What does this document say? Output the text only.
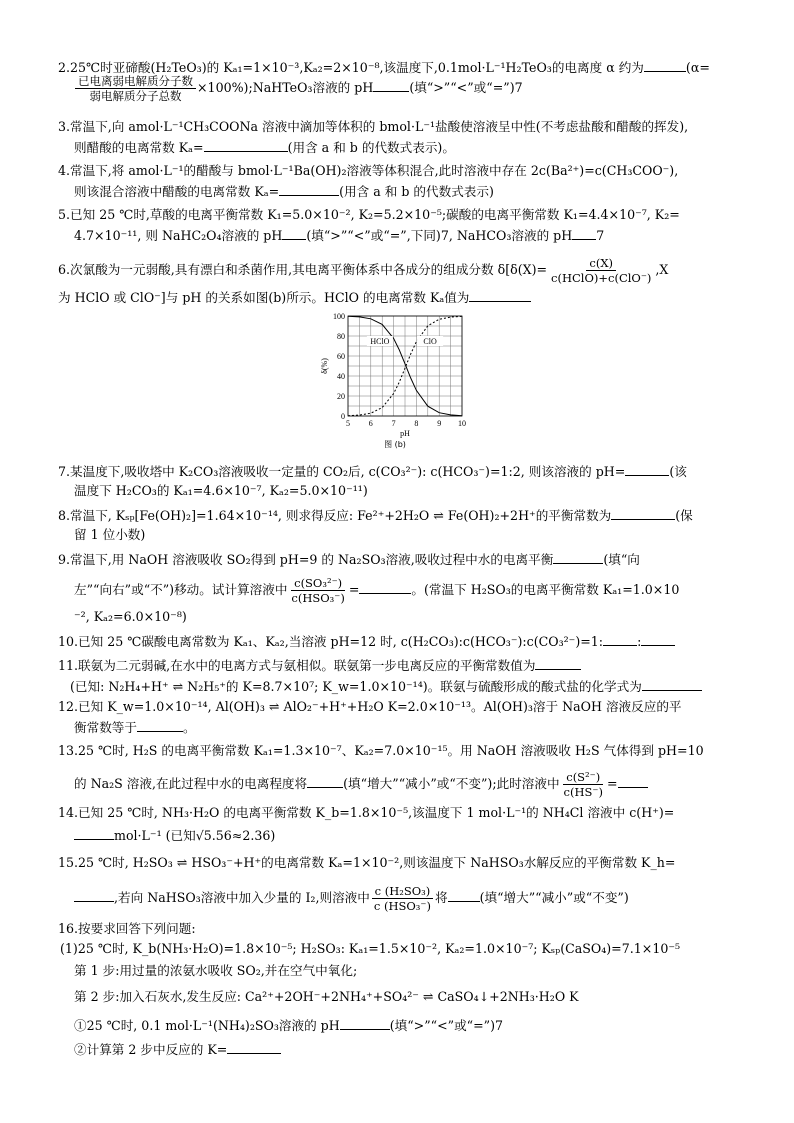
2.25℃时亚碲酸(H₂TeO₃)的 Kₐ₁=1×10⁻³,Kₐ₂=2×10⁻⁸,该温度下,0.1mol·L⁻¹H₂TeO₃的电离度 α 约为	(α=
$\frac{\text{已电离弱电解质分子数}}{\text{弱电解质分子总数}}$ ×100%);NaHTeO₃溶液的 pH	(填“>”“<”或“=”)7
3.常温下,向 amol·L⁻¹CH₃COONa 溶液中滴加等体积的 bmol·L⁻¹盐酸使溶液呈中性(不考虑盐酸和醋酸的挥发),
则醋酸的电离常数 Kₐ=	(用含 a 和 b 的代数式表示)。
4.常温下,将 amol·L⁻¹的醋酸与 bmol·L⁻¹Ba(OH)₂溶液等体积混合,此时溶液中存在 2c(Ba²⁺)=c(CH₃COO⁻),
则该混合溶液中醋酸的电离常数 Kₐ=	(用含 a 和 b 的代数式表示)
5.已知 25 ℃时,草酸的电离平衡常数 K₁=5.0×10⁻², K₂=5.2×10⁻⁵;碳酸的电离平衡常数 K₁=4.4×10⁻⁷, K₂=
4.7×10⁻¹¹, 则 NaHC₂O₄溶液的 pH (填“>”“<”或“=”,下同)7, NaHCO₃溶液的 pH 7
6.次氯酸为一元弱酸,具有漂白和杀菌作用,其电离平衡体系中各成分的组成分数 $\delta[\delta(X)= \frac{c(X)}{\text{c(HClO)+c(ClO⁻)}} ,X$
为 HClO 或 ClO⁻]与 pH 的关系如图(b)所示。HClO 的电离常数 Kₐ值为
5 6 7 8 9 10
0
20
40
60
80
100
pH
δ(%)
图 (b)
HClO	ClO
7.某温度下,吸收塔中 K₂CO₃溶液吸收一定量的 CO₂后, c(CO₃²⁻): c(HCO₃⁻)=1:2, 则该溶液的 pH=	(该
温度下 H₂CO₃的 Kₐ₁=4.6×10⁻⁷, Kₐ₂=5.0×10⁻¹¹)
8.常温下, Kₛₚ[Fe(OH)₂]=1.64×10⁻¹⁴, 则求得反应: Fe²⁺+2H₂O ⇌ Fe(OH)₂+2H⁺的平衡常数为	(保
留 1 位小数)
9.常温下,用 NaOH 溶液吸收 SO₂得到 pH=9 的 Na₂SO₃溶液,吸收过程中水的电离平衡	(填“向
左”“向右”或“不”)移动。试计算溶液中 $\frac{\text{c(SO₃²⁻)}}{\text{c(HSO₃⁻)}}$ =	。(常温下 H₂SO₃的电离平衡常数 Kₐ₁=1.0×10
⁻², Kₐ₂=6.0×10⁻⁸)
10.已知 25 ℃碳酸电离常数为 Kₐ₁、Kₐ₂,当溶液 pH=12 时, c(H₂CO₃):c(HCO₃⁻):c(CO₃²⁻)=1:	:
11.联氨为二元弱碱,在水中的电离方式与氨相似。联氨第一步电离反应的平衡常数值为
(已知: N₂H₄+H⁺ ⇌ N₂H₅⁺的 K=8.7×10⁷; K_w=1.0×10⁻¹⁴)。联氨与硫酸形成的酸式盐的化学式为
12.已知 K_w=1.0×10⁻¹⁴, Al(OH)₃ ⇌ AlO₂⁻+H⁺+H₂O K=2.0×10⁻¹³。Al(OH)₃溶于 NaOH 溶液反应的平
衡常数等于	。
13.25 ℃时, H₂S 的电离平衡常数 Kₐ₁=1.3×10⁻⁷、Kₐ₂=7.0×10⁻¹⁵。用 NaOH 溶液吸收 H₂S 气体得到 pH=10
的 Na₂S 溶液,在此过程中水的电离程度将	(填“增大”“减小”或“不变”);此时溶液中 $\frac{\text{c(S²⁻)}}{c(HS^-)}$ =
14.已知 25 ℃时, NH₃·H₂O 的电离平衡常数 K_b=1.8×10⁻⁵,该温度下 1 mol·L⁻¹的 NH₄Cl 溶液中 c(H⁺)=
mol·L⁻¹ (已知√5.56≈2.36)
15.25 ℃时, H₂SO₃ ⇌ HSO₃⁻+H⁺的电离常数 Kₐ=1×10⁻²,则该温度下 NaHSO₃水解反应的平衡常数 K_h=
,若向 NaHSO₃溶液中加入少量的 I₂,则溶液中 $\frac{\text{c (H₂SO₃)}}{\text{c (HSO₃⁻)}}$ 将	(填“增大”“减小”或“不变”)
16.按要求回答下列问题:
(1)25 ℃时, K_b(NH₃·H₂O)=1.8×10⁻⁵; H₂SO₃: Kₐ₁=1.5×10⁻², Kₐ₂=1.0×10⁻⁷; Kₛₚ(CaSO₄)=7.1×10⁻⁵
第 1 步:用过量的浓氨水吸收 SO₂,并在空气中氧化;
第 2 步:加入石灰水,发生反应: Ca²⁺+2OH⁻+2NH₄⁺+SO₄²⁻ ⇌ CaSO₄↓+2NH₃·H₂O K
①25 ℃时, 0.1 mol·L⁻¹(NH₄)₂SO₃溶液的 pH	(填“>”“<”或“=”)7
②计算第 2 步中反应的 K=
